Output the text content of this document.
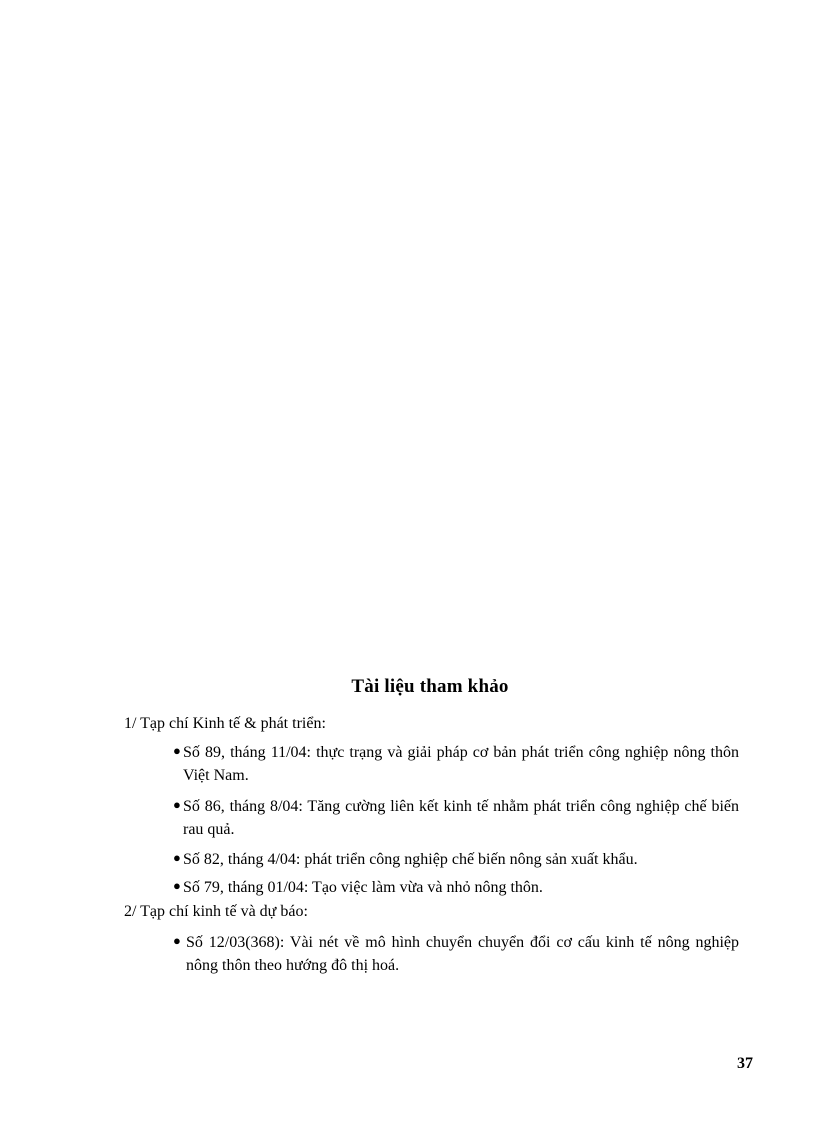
Tài liệu tham khảo
1/ Tạp chí Kinh tế & phát triển:
● Số 89, tháng 11/04: thực trạng và giải pháp cơ bản phát triển công nghiệp nông thôn Việt Nam.
● Số 86, tháng 8/04: Tăng cường liên kết kinh tế nhằm phát triển công nghiệp chế biến rau quả.
● Số 82, tháng 4/04: phát triển công nghiệp chế biến nông sản xuất khẩu.
● Số 79, tháng 01/04: Tạo việc làm vừa và nhỏ nông thôn.
2/ Tạp chí kinh tế và dự báo:
● Số 12/03(368): Vài nét về mô hình chuyển chuyển đổi cơ cấu kinh tế nông nghiệp nông thôn theo hướng đô thị hoá.
37
